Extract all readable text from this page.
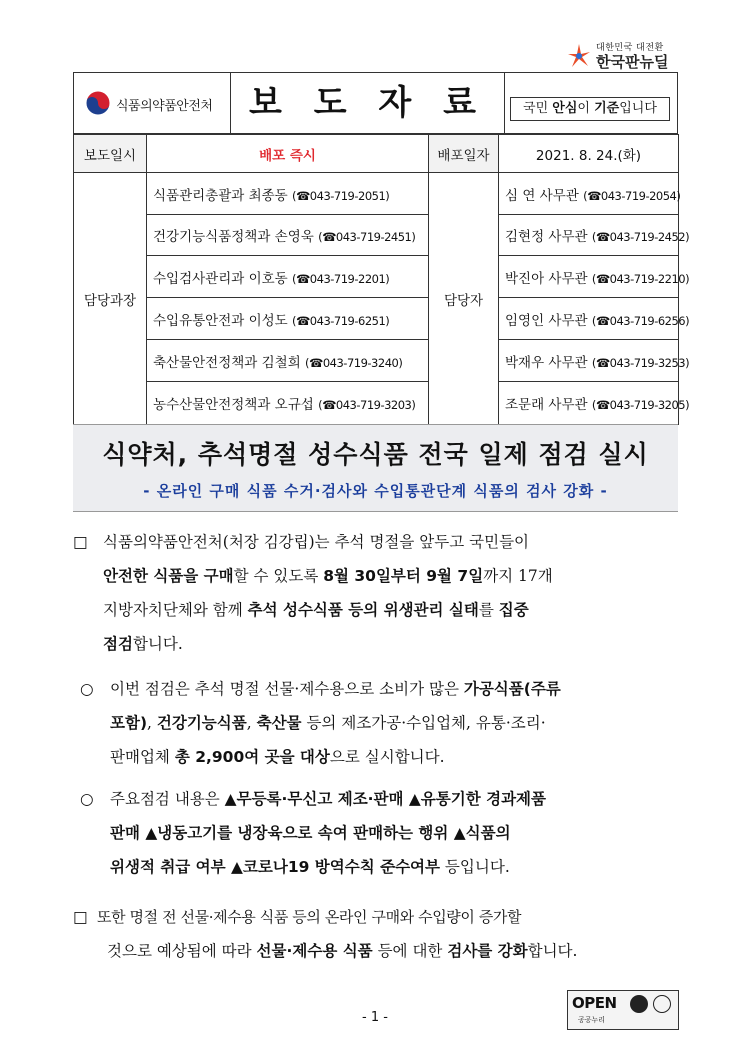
대한민국 대전환
한국판뉴딜
식품의약품안전처	보 도 자 료	국민 안심이 기준입니다
보도일시	배포 즉시	배포일자	2021. 8. 24.(화)
담당과장	식품관리총괄과 최종동 (☎043-719-2051)	담당자	심 연 사무관 (☎043-719-2054)
	건강기능식품정책과 손영욱 (☎043-719-2451)		김현정 사무관 (☎043-719-2452)
	수입검사관리과 이호동 (☎043-719-2201)		박진아 사무관 (☎043-719-2210)
	수입유통안전과 이성도 (☎043-719-6251)		임영인 사무관 (☎043-719-6256)
	축산물안전정책과 김철희 (☎043-719-3240)		박재우 사무관 (☎043-719-3253)
	농수산물안전정책과 오규섭 (☎043-719-3203)		조문래 사무관 (☎043-719-3205)
식약처, 추석명절 성수식품 전국 일제 점검 실시
- 온라인 구매 식품 수거·검사와 수입통관단계 식품의 검사 강화 -
□ 식품의약품안전처(처장 김강립)는 추석 명절을 앞두고 국민들이
안전한 식품을 구매할 수 있도록 8월 30일부터 9월 7일까지 17개
지방자치단체와 함께 추석 성수식품 등의 위생관리 실태를 집중
점검합니다.
○	이번 점검은 추석 명절 선물·제수용으로 소비가 많은 가공식품(주류
포함), 건강기능식품, 축산물 등의 제조가공·수입업체, 유통·조리·
판매업체 총 2,900여 곳을 대상으로 실시합니다.
○	주요점검 내용은 ▲무등록·무신고 제조·판매 ▲유통기한 경과제품
판매 ▲냉동고기를 냉장육으로 속여 판매하는 행위 ▲식품의
위생적 취급 여부 ▲코로나19 방역수칙 준수여부 등입니다.
□ 또한 명절 전 선물·제수용 식품 등의 온라인 구매와 수입량이 증가할
것으로 예상됨에 따라 선물·제수용 식품 등에 대한 검사를 강화합니다.
- 1 -
OPEN
공공누리
